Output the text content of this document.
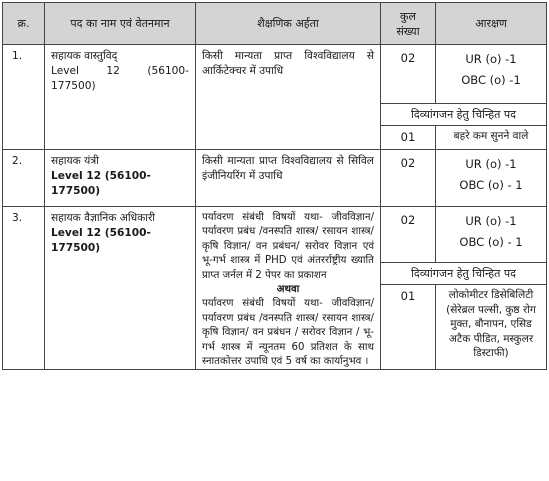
क्र.	पद का नाम एवं वेतनमान	शैक्षणिक अर्हता	कुल
संख्या	आरक्षण
1.	सहायक वास्तुविद्
Level 12 (56100-
177500)	किसी मान्यता प्राप्त विश्वविद्यालय से आर्किटेक्चर में उपाधि	02	UR (o) -1
OBC (o) -1

			दिव्यांगजन हेतु चिन्हित पद	
			01	बहरे कम सुनने वाले
2.	सहायक यंत्री
Level 12 (56100-177500)	किसी मान्यता प्राप्त विश्वविद्यालय से सिविल इंजीनियरिंग में उपाधि	02	UR (o) -1
OBC (o) - 1

3.	सहायक वैज्ञानिक अधिकारी
Level 12 (56100-177500)	पर्यावरण संबंधी विषयों यथा- जीवविज्ञान/ पर्यावरण प्रबंध /वनस्पति शास्त्र/ रसायन शास्त्र/ कृषि विज्ञान/ वन प्रबंधन/ सरोवर विज्ञान एवं भू-गर्भ शास्त्र में PHD एवं अंतरर्राष्ट्रीय ख्याति प्राप्त जर्नल में 2 पेपर का प्रकाशन
अथवा
पर्यावरण संबंधी विषयों यथा- जीवविज्ञान/ पर्यावरण प्रबंध /वनस्पति शास्त्र/ रसायन शास्त्र/ कृषि विज्ञान/ वन प्रबंधन / सरोवर विज्ञान / भू-गर्भ शास्त्र में न्यूनतम 60 प्रतिशत के साथ स्नातकोत्तर उपाधि एवं 5 वर्ष का कार्यानुभव ।	02	UR (o) -1
OBC (o) - 1

			दिव्यांगजन हेतु चिन्हित पद	
			01	लोकोमीटर डिसेबिलिटी (सेरेब्रल पल्सी, कुष्ठ रोग मुक्त, बौनापन, एसिड अटैक पीडित, मस्कुलर डिस्टाफी)
